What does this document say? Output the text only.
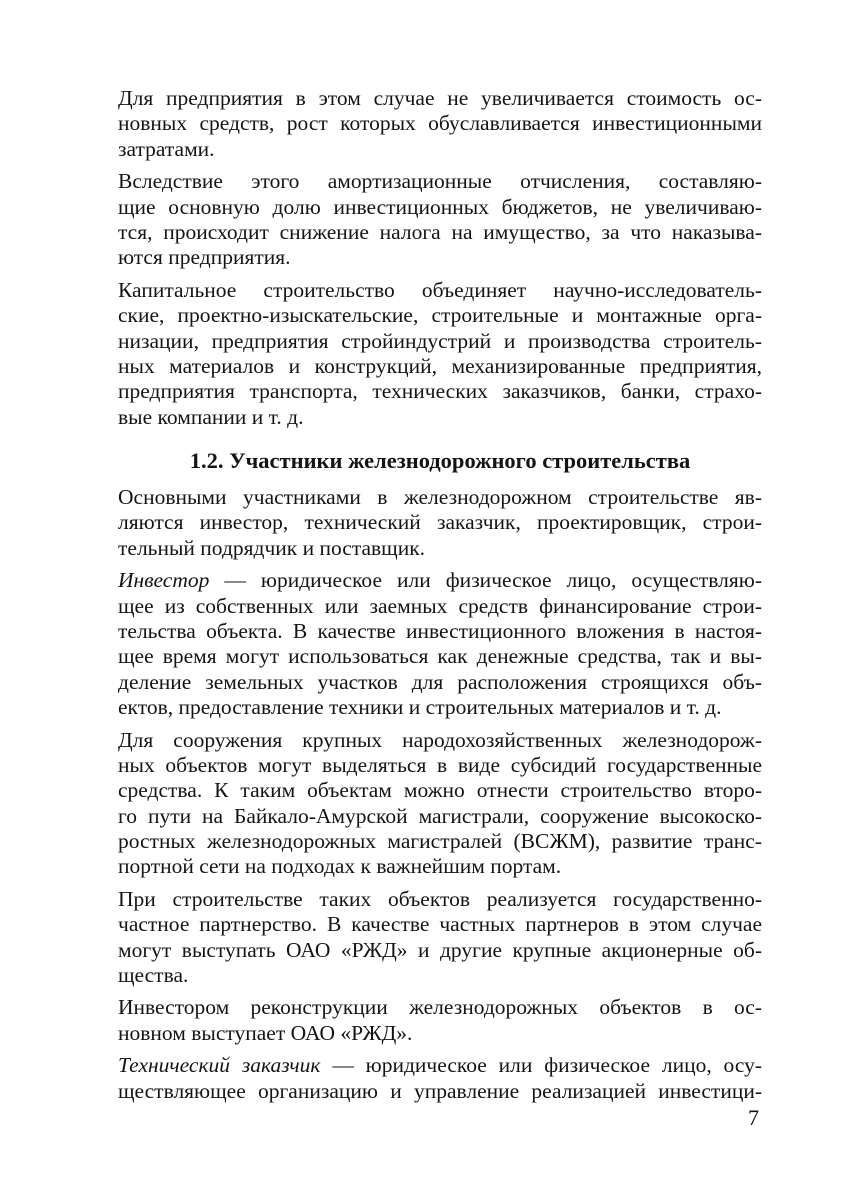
Для предприятия в этом случае не увеличивается стоимость ос-
новных средств, рост которых обуславливается инвестиционными
затратами.
Вследствие этого амортизационные отчисления, составляю-
щие основную долю инвестиционных бюджетов, не увеличиваю-
тся, происходит снижение налога на имущество, за что наказыва-
ются предприятия.
Капитальное строительство объединяет научно-исследователь-
ские, проектно-изыскательские, строительные и монтажные орга-
низации, предприятия стройиндустрий и производства строитель-
ных материалов и конструкций, механизированные предприятия,
предприятия транспорта, технических заказчиков, банки, страхо-
вые компании и т. д.
1.2. Участники железнодорожного строительства
Основными участниками в железнодорожном строительстве яв-
ляются инвестор, технический заказчик, проектировщик, строи-
тельный подрядчик и поставщик.
Инвестор — юридическое или физическое лицо, осуществляю-
щее из собственных или заемных средств финансирование строи-
тельства объекта. В качестве инвестиционного вложения в настоя-
щее время могут использоваться как денежные средства, так и вы-
деление земельных участков для расположения строящихся объ-
ектов, предоставление техники и строительных материалов и т. д.
Для сооружения крупных народохозяйственных железнодорож-
ных объектов могут выделяться в виде субсидий государственные
средства. К таким объектам можно отнести строительство второ-
го пути на Байкало-Амурской магистрали, сооружение высокоско-
ростных железнодорожных магистралей (ВСЖМ), развитие транс-
портной сети на подходах к важнейшим портам.
При строительстве таких объектов реализуется государственно-
частное партнерство. В качестве частных партнеров в этом случае
могут выступать ОАО «РЖД» и другие крупные акционерные об-
щества.
Инвестором реконструкции железнодорожных объектов в ос-
новном выступает ОАО «РЖД».
Технический заказчик — юридическое или физическое лицо, осу-
ществляющее организацию и управление реализацией инвестици-
7
